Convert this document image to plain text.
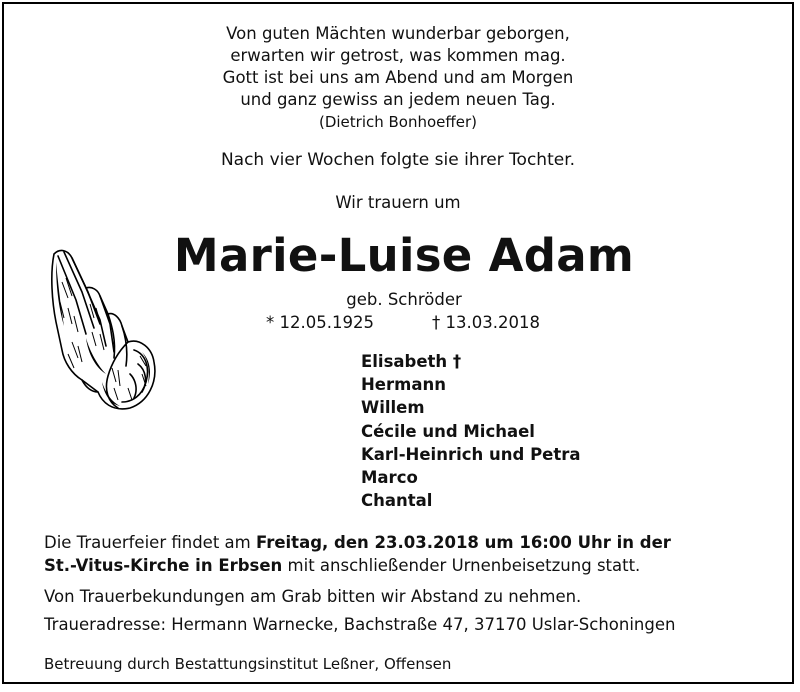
Von guten Mächten wunderbar geborgen,
erwarten wir getrost, was kommen mag.
Gott ist bei uns am Abend und am Morgen
und ganz gewiss an jedem neuen Tag.
(Dietrich Bonhoeffer)
Nach vier Wochen folgte sie ihrer Tochter.
Wir trauern um
Marie-Luise Adam
geb. Schröder
* 12.05.1925	† 13.03.2018
Elisabeth †
Hermann
Willem
Cécile und Michael
Karl-Heinrich und Petra
Marco
Chantal
Die Trauerfeier findet am Freitag, den 23.03.2018 um 16:00 Uhr in der
St.-Vitus-Kirche in Erbsen mit anschließender Urnenbeisetzung statt.
Von Trauerbekundungen am Grab bitten wir Abstand zu nehmen.
Traueradresse: Hermann Warnecke, Bachstraße 47, 37170 Uslar-Schoningen
Betreuung durch Bestattungsinstitut Leßner, Offensen
